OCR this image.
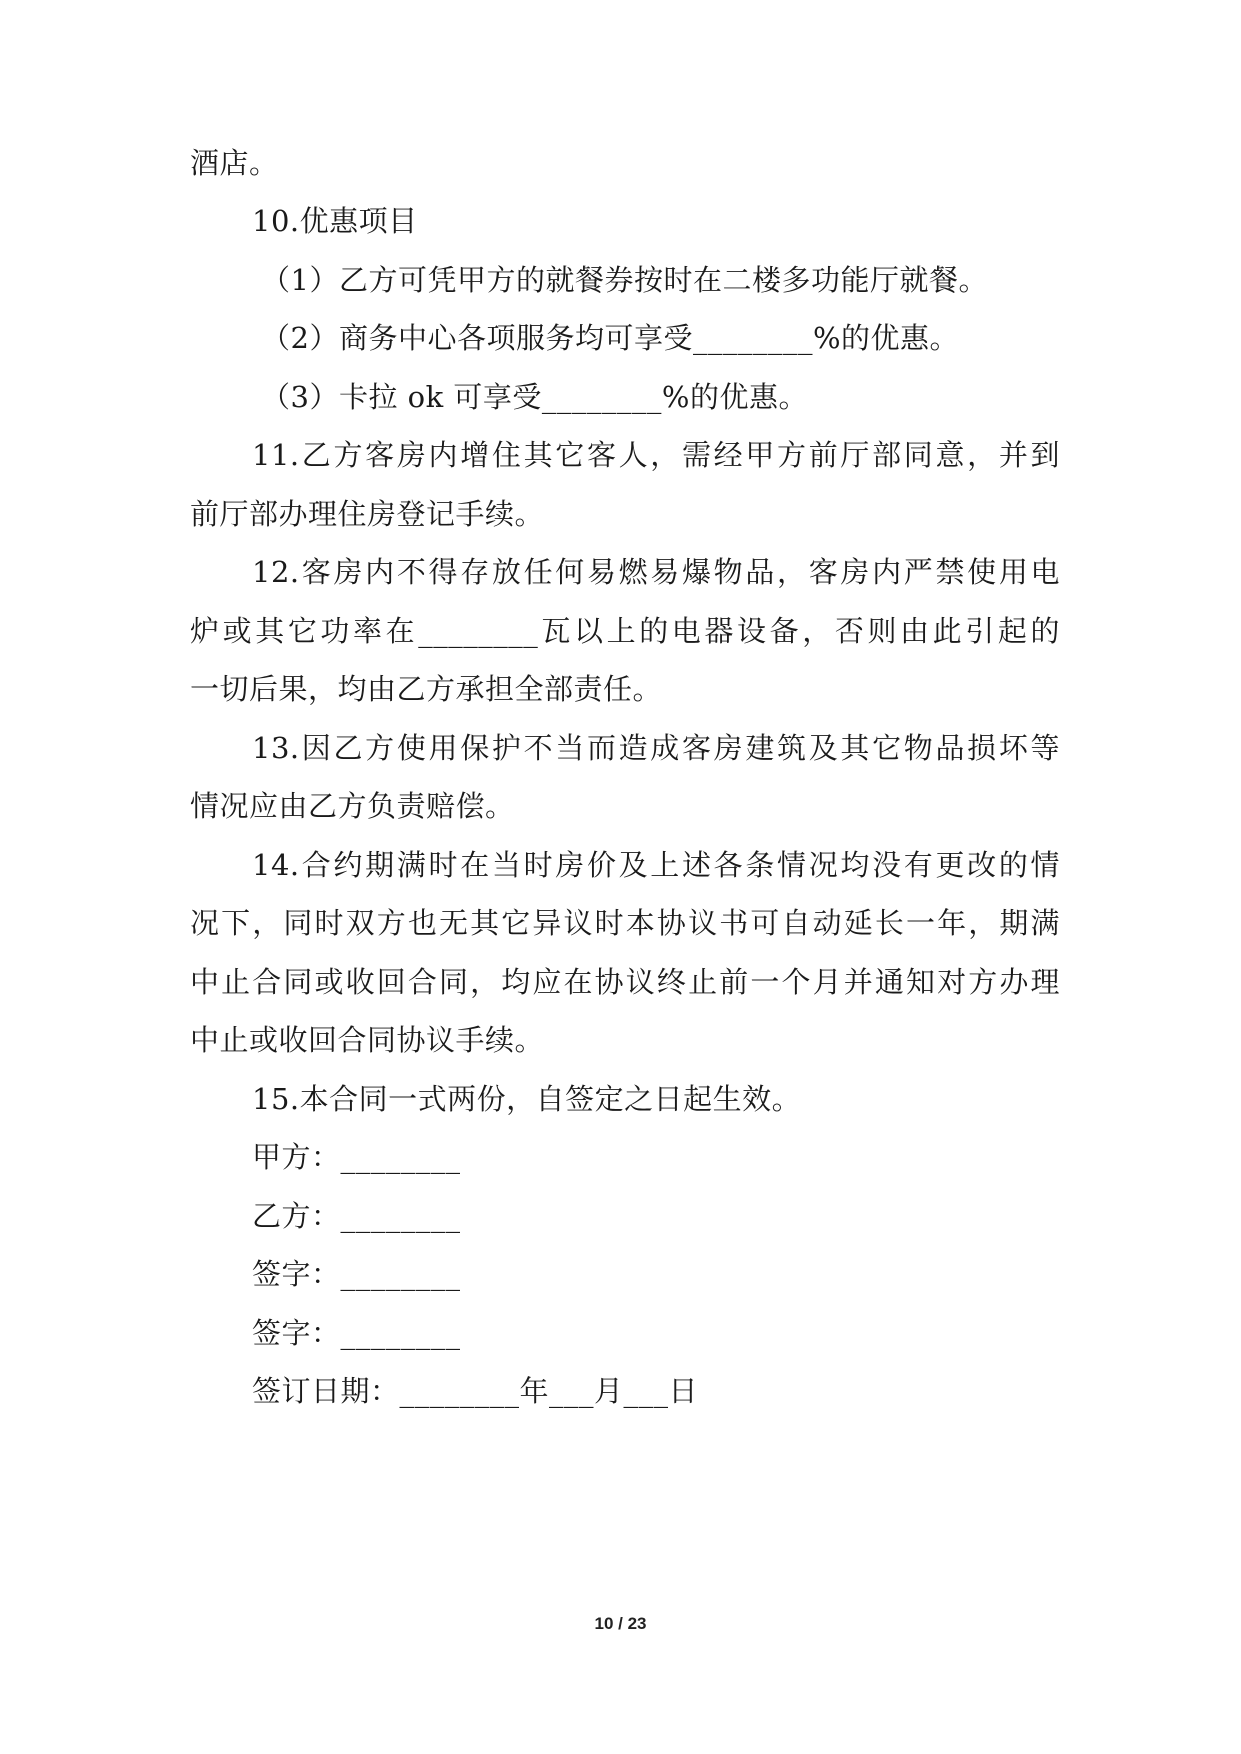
酒店。
10.优惠项目
（1）乙方可凭甲方的就餐券按时在二楼多功能厅就餐。
（2）商务中心各项服务均可享受________%的优惠。
（3）卡拉 ok 可享受________%的优惠。
11.乙方客房内增住其它客人，需经甲方前厅部同意，并到
前厅部办理住房登记手续。
12.客房内不得存放任何易燃易爆物品，客房内严禁使用电
炉或其它功率在________瓦以上的电器设备，否则由此引起的
一切后果，均由乙方承担全部责任。
13.因乙方使用保护不当而造成客房建筑及其它物品损坏等
情况应由乙方负责赔偿。
14.合约期满时在当时房价及上述各条情况均没有更改的情
况下，同时双方也无其它异议时本协议书可自动延长一年，期满
中止合同或收回合同，均应在协议终止前一个月并通知对方办理
中止或收回合同协议手续。
15.本合同一式两份，自签定之日起生效。
甲方：________
乙方：________
签字：________
签字：________
签订日期：________年___月___日
10 / 23
